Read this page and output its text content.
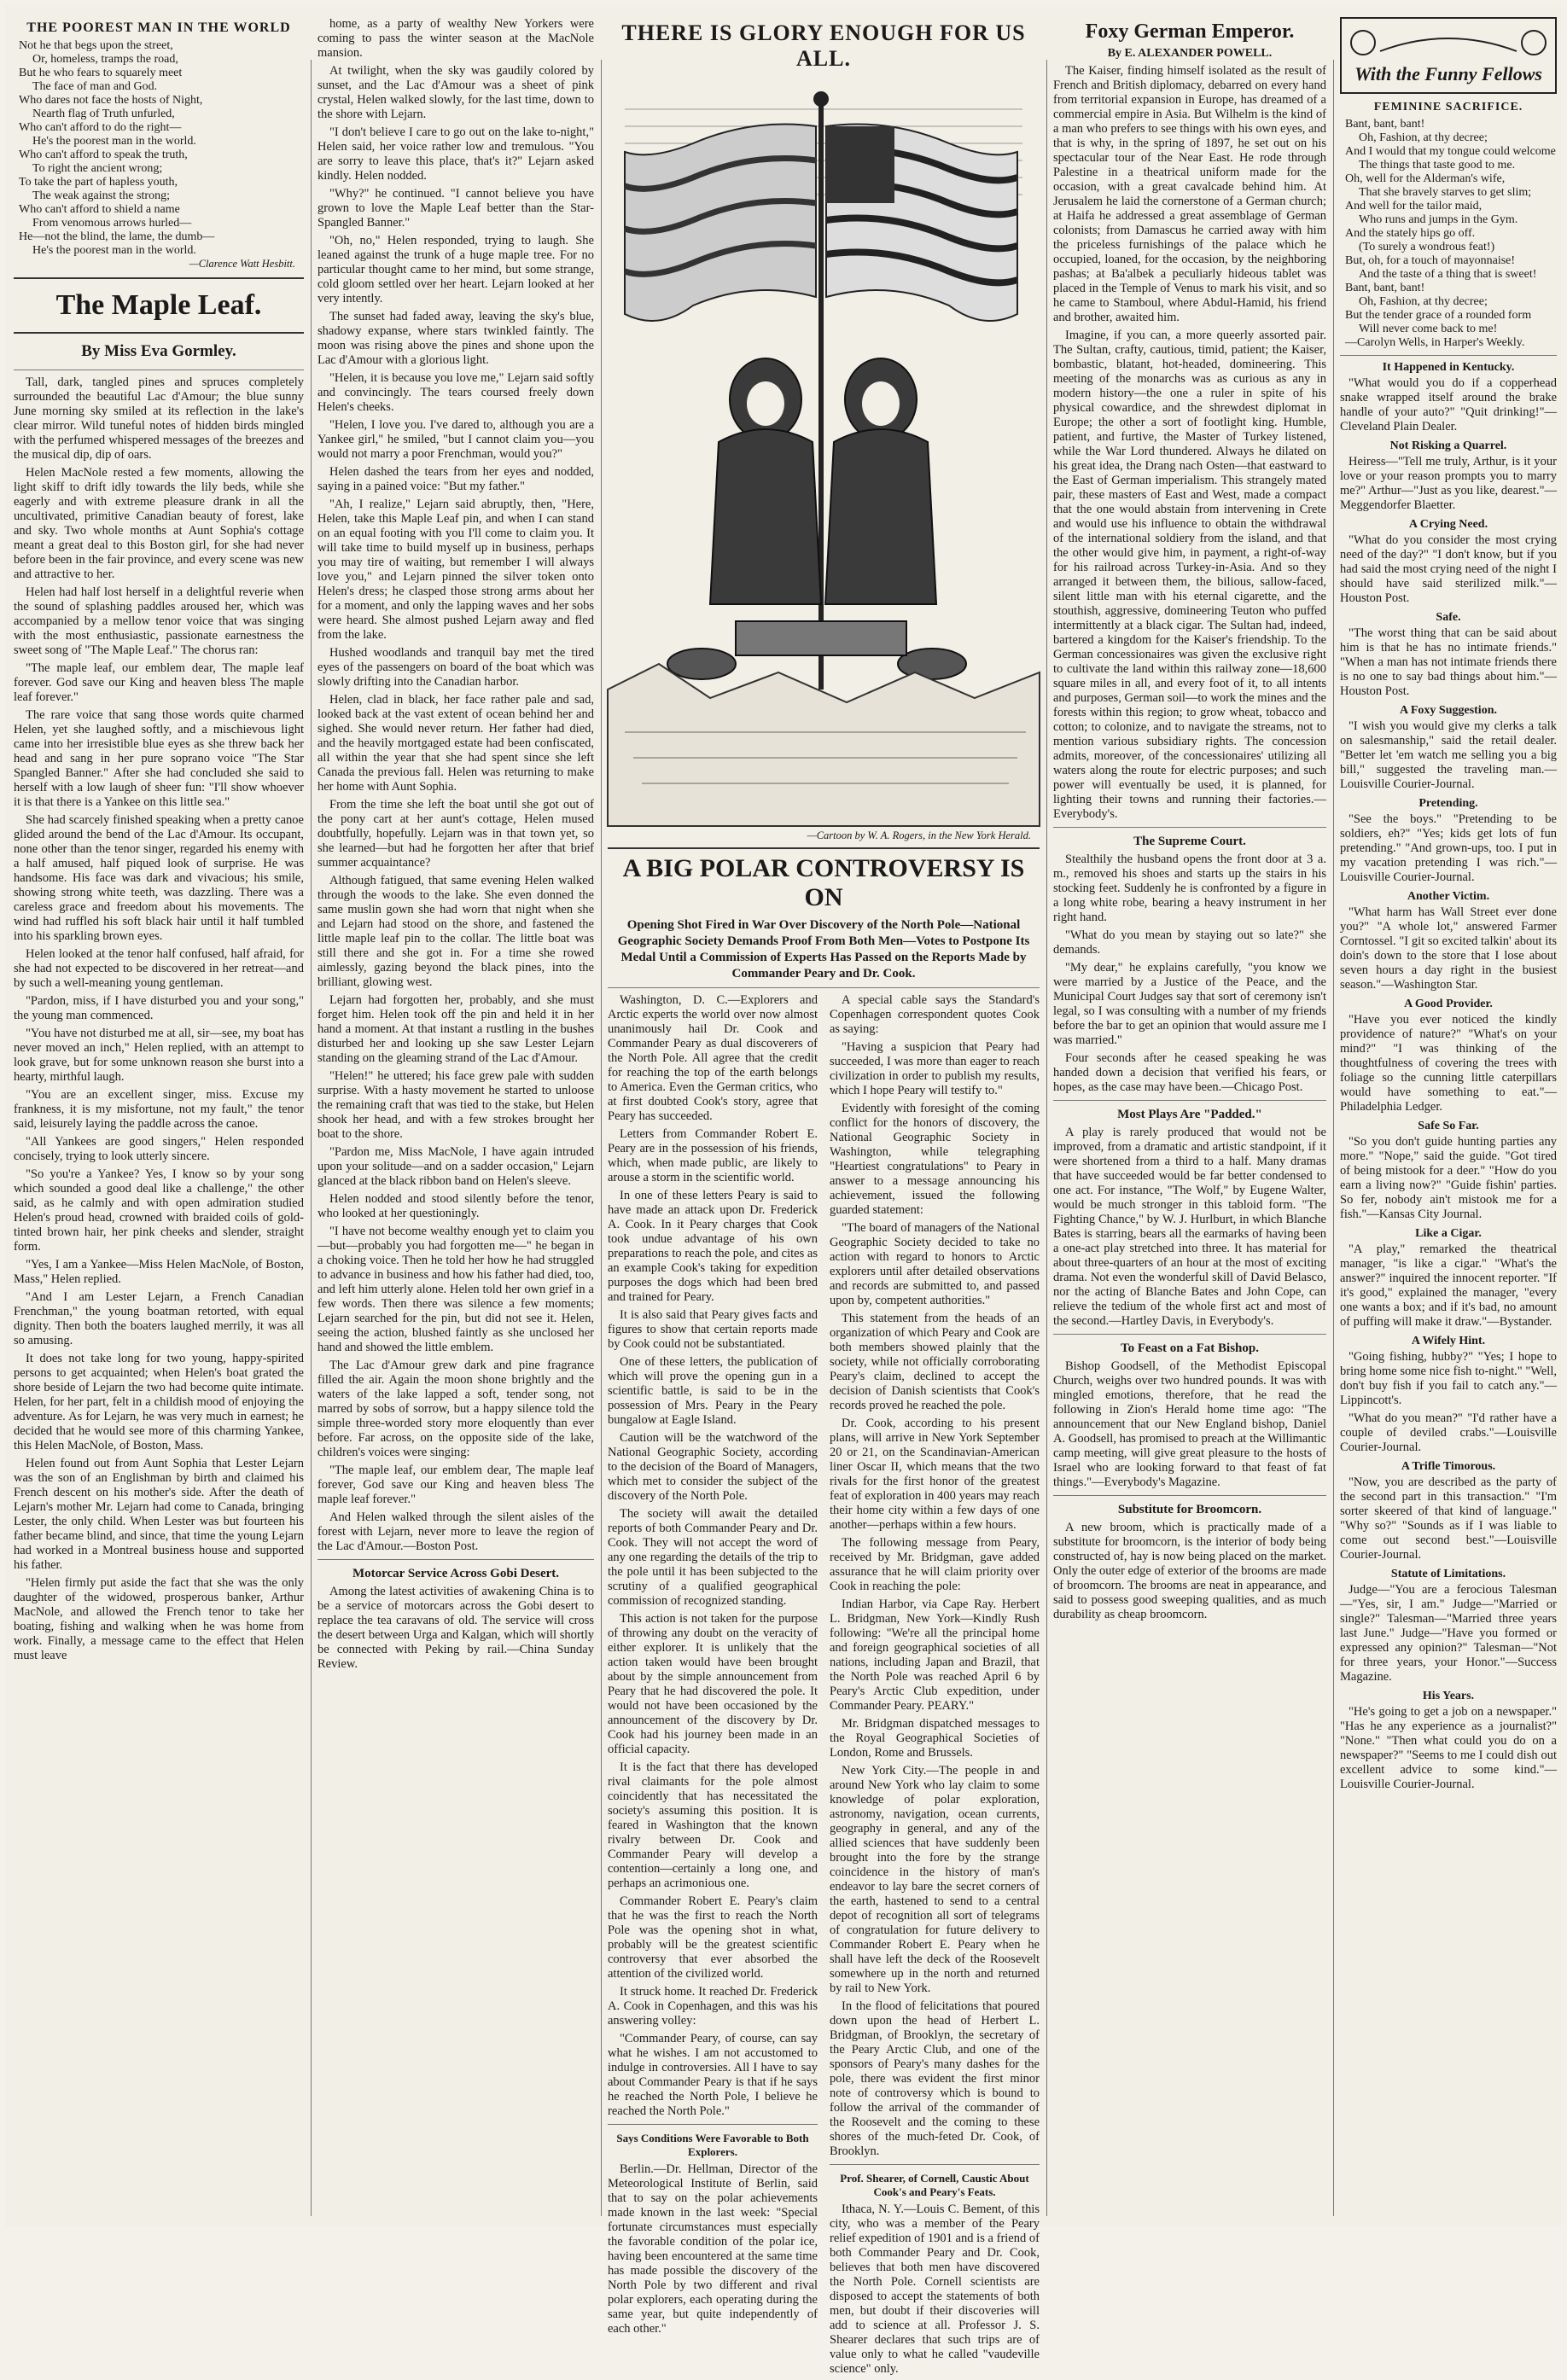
THE POOREST MAN IN THE WORLD
Not he that begs upon the street,
Or, homeless, tramps the road,
But he who fears to squarely meet
The face of man and God.
Who dares not face the hosts of Night,
Nearth flag of Truth unfurled,
Who can't afford to do the right—
He's the poorest man in the world.
Who can't afford to speak the truth,
To right the ancient wrong;
To take the part of hapless youth,
The weak against the strong;
Who can't afford to shield a name
From venomous arrows hurled—
He—not the blind, the lame, the dumb—
He's the poorest man in the world.
—Clarence Watt Hesbitt.
The Maple Leaf.
By Miss Eva Gormley.

Tall, dark, tangled pines and spruces completely surrounded the beautiful Lac d'Amour; the blue sunny June morning sky smiled at its reflection in the lake's clear mirror. Wild tuneful notes of hidden birds mingled with the perfumed whispered messages of the breezes and the musical dip, dip of oars.

Helen MacNole rested a few moments, allowing the light skiff to drift idly towards the lily beds, while she eagerly and with extreme pleasure drank in all the uncultivated, primitive Canadian beauty of forest, lake and sky. Two whole months at Aunt Sophia's cottage meant a great deal to this Boston girl, for she had never before been in the fair province, and every scene was new and attractive to her.

Helen had half lost herself in a delightful reverie when the sound of splashing paddles aroused her, which was accompanied by a mellow tenor voice that was singing with the most enthusiastic, passionate earnestness the sweet song of "The Maple Leaf." The chorus ran:

"The maple leaf, our emblem dear, The maple leaf forever. God save our King and heaven bless The maple leaf forever."

The rare voice that sang those words quite charmed Helen, yet she laughed softly, and a mischievous light came into her irresistible blue eyes as she threw back her head and sang in her pure soprano voice "The Star Spangled Banner." After she had concluded she said to herself with a low laugh of sheer fun: "I'll show whoever it is that there is a Yankee on this little sea."

She had scarcely finished speaking when a pretty canoe glided around the bend of the Lac d'Amour. Its occupant, none other than the tenor singer, regarded his enemy with a half amused, half piqued look of surprise. He was handsome. His face was dark and vivacious; his smile, showing strong white teeth, was dazzling. There was a careless grace and freedom about his movements. The wind had ruffled his soft black hair until it half tumbled into his sparkling brown eyes.

Helen looked at the tenor half confused, half afraid, for she had not expected to be discovered in her retreat—and by such a well-meaning young gentleman.

"Pardon, miss, if I have disturbed you and your song," the young man commenced.

"You have not disturbed me at all, sir—see, my boat has never moved an inch," Helen replied, with an attempt to look grave, but for some unknown reason she burst into a hearty, mirthful laugh.

"You are an excellent singer, miss. Excuse my frankness, it is my misfortune, not my fault," the tenor said, leisurely laying the paddle across the canoe.

"All Yankees are good singers," Helen responded concisely, trying to look utterly sincere.

"So you're a Yankee? Yes, I know so by your song which sounded a good deal like a challenge," the other said, as he calmly and with open admiration studied Helen's proud head, crowned with braided coils of gold-tinted brown hair, her pink cheeks and slender, straight form.

"Yes, I am a Yankee—Miss Helen MacNole, of Boston, Mass," Helen replied.

"And I am Lester Lejarn, a French Canadian Frenchman," the young boatman retorted, with equal dignity. Then both the boaters laughed merrily, it was all so amusing.

It does not take long for two young, happy-spirited persons to get acquainted; when Helen's boat grated the shore beside of Lejarn the two had become quite intimate. Helen, for her part, felt in a childish mood of enjoying the adventure. As for Lejarn, he was very much in earnest; he decided that he would see more of this charming Yankee, this Helen MacNole, of Boston, Mass.

Helen found out from Aunt Sophia that Lester Lejarn was the son of an Englishman by birth and claimed his French descent on his mother's side. After the death of Lejarn's mother Mr. Lejarn had come to Canada, bringing Lester, the only child. When Lester was but fourteen his father became blind, and since, that time the young Lejarn had worked in a Montreal business house and supported his father.

"Helen firmly put aside the fact that she was the only daughter of the widowed, prosperous banker, Arthur MacNole, and allowed the French tenor to take her boating, fishing and walking when he was home from work. Finally, a message came to the effect that Helen must leave

home, as a party of wealthy New Yorkers were coming to pass the winter season at the MacNole mansion.

At twilight, when the sky was gaudily colored by sunset, and the Lac d'Amour was a sheet of pink crystal, Helen walked slowly, for the last time, down to the shore with Lejarn.

"I don't believe I care to go out on the lake to-night," Helen said, her voice rather low and tremulous. "You are sorry to leave this place, that's it?" Lejarn asked kindly. Helen nodded.

"Why?" he continued. "I cannot believe you have grown to love the Maple Leaf better than the Star-Spangled Banner."

"Oh, no," Helen responded, trying to laugh. She leaned against the trunk of a huge maple tree. For no particular thought came to her mind, but some strange, cold gloom settled over her heart. Lejarn looked at her very intently.

The sunset had faded away, leaving the sky's blue, shadowy expanse, where stars twinkled faintly. The moon was rising above the pines and shone upon the Lac d'Amour with a glorious light.

"Helen, it is because you love me," Lejarn said softly and convincingly. The tears coursed freely down Helen's cheeks.

"Helen, I love you. I've dared to, although you are a Yankee girl," he smiled, "but I cannot claim you—you would not marry a poor Frenchman, would you?"

Helen dashed the tears from her eyes and nodded, saying in a pained voice: "But my father."

"Ah, I realize," Lejarn said abruptly, then, "Here, Helen, take this Maple Leaf pin, and when I can stand on an equal footing with you I'll come to claim you. It will take time to build myself up in business, perhaps you may tire of waiting, but remember I will always love you," and Lejarn pinned the silver token onto Helen's dress; he clasped those strong arms about her for a moment, and only the lapping waves and her sobs were heard. She almost pushed Lejarn away and fled from the lake.

Hushed woodlands and tranquil bay met the tired eyes of the passengers on board of the boat which was slowly drifting into the Canadian harbor.

Helen, clad in black, her face rather pale and sad, looked back at the vast extent of ocean behind her and sighed. She would never return. Her father had died, and the heavily mortgaged estate had been confiscated, all within the year that she had spent since she left Canada the previous fall. Helen was returning to make her home with Aunt Sophia.

From the time she left the boat until she got out of the pony cart at her aunt's cottage, Helen mused doubtfully, hopefully. Lejarn was in that town yet, so she learned—but had he forgotten her after that brief summer acquaintance?

Although fatigued, that same evening Helen walked through the woods to the lake. She even donned the same muslin gown she had worn that night when she and Lejarn had stood on the shore, and fastened the little maple leaf pin to the collar. The little boat was still there and she got in. For a time she rowed aimlessly, gazing beyond the black pines, into the brilliant, glowing west.

Lejarn had forgotten her, probably, and she must forget him. Helen took off the pin and held it in her hand a moment. At that instant a rustling in the bushes disturbed her and looking up she saw Lester Lejarn standing on the gleaming strand of the Lac d'Amour.

"Helen!" he uttered; his face grew pale with sudden surprise. With a hasty movement he started to unloose the remaining craft that was tied to the stake, but Helen shook her head, and with a few strokes brought her boat to the shore.

"Pardon me, Miss MacNole, I have again intruded upon your solitude—and on a sadder occasion," Lejarn glanced at the black ribbon band on Helen's sleeve.

Helen nodded and stood silently before the tenor, who looked at her questioningly.

"I have not become wealthy enough yet to claim you—but—probably you had forgotten me—" he began in a choking voice. Then he told her how he had struggled to advance in business and how his father had died, too, and left him utterly alone. Helen told her own grief in a few words. Then there was silence a few moments; Lejarn searched for the pin, but did not see it. Helen, seeing the action, blushed faintly as she unclosed her hand and showed the little emblem.

The Lac d'Amour grew dark and pine fragrance filled the air. Again the moon shone brightly and the waters of the lake lapped a soft, tender song, not marred by sobs of sorrow, but a happy silence told the simple three-worded story more eloquently than ever before. Far across, on the opposite side of the lake, children's voices were singing:

"The maple leaf, our emblem dear, The maple leaf forever, God save our King and heaven bless The maple leaf forever."

And Helen walked through the silent aisles of the forest with Lejarn, never more to leave the region of the Lac d'Amour.—Boston Post.

Motorcar Service Across Gobi Desert.

Among the latest activities of awakening China is to be a service of motorcars across the Gobi desert to replace the tea caravans of old. The service will cross the desert between Urga and Kalgan, which will shortly be connected with Peking by rail.—China Sunday Review.

THERE IS GLORY ENOUGH FOR US ALL.
—Cartoon by W. A. Rogers, in the New York Herald.
A BIG POLAR CONTROVERSY IS ON
Opening Shot Fired in War Over Discovery of the North Pole—National Geographic Society Demands Proof From Both Men—Votes to Postpone Its Medal Until a Commission of Experts Has Passed on the Reports Made by Commander Peary and Dr. Cook.

Washington, D. C.—Explorers and Arctic experts the world over now almost unanimously hail Dr. Cook and Commander Peary as dual discoverers of the North Pole. All agree that the credit for reaching the top of the earth belongs to America. Even the German critics, who at first doubted Cook's story, agree that Peary has succeeded.

Letters from Commander Robert E. Peary are in the possession of his friends, which, when made public, are likely to arouse a storm in the scientific world.

In one of these letters Peary is said to have made an attack upon Dr. Frederick A. Cook. In it Peary charges that Cook took undue advantage of his own preparations to reach the pole, and cites as an example Cook's taking for expedition purposes the dogs which had been bred and trained for Peary.

It is also said that Peary gives facts and figures to show that certain reports made by Cook could not be substantiated.

One of these letters, the publication of which will prove the opening gun in a scientific battle, is said to be in the possession of Mrs. Peary in the Peary bungalow at Eagle Island.

Caution will be the watchword of the National Geographic Society, according to the decision of the Board of Managers, which met to consider the subject of the discovery of the North Pole.

The society will await the detailed reports of both Commander Peary and Dr. Cook. They will not accept the word of any one regarding the details of the trip to the pole until it has been subjected to the scrutiny of a qualified geographical commission of recognized standing.

This action is not taken for the purpose of throwing any doubt on the veracity of either explorer. It is unlikely that the action taken would have been brought about by the simple announcement from Peary that he had discovered the pole. It would not have been occasioned by the announcement of the discovery by Dr. Cook had his journey been made in an official capacity.

It is the fact that there has developed rival claimants for the pole almost coincidently that has necessitated the society's assuming this position. It is feared in Washington that the known rivalry between Dr. Cook and Commander Peary will develop a contention—certainly a long one, and perhaps an acrimonious one.

Commander Robert E. Peary's claim that he was the first to reach the North Pole was the opening shot in what, probably will be the greatest scientific controversy that ever absorbed the attention of the civilized world.

It struck home. It reached Dr. Frederick A. Cook in Copenhagen, and this was his answering volley:

"Commander Peary, of course, can say what he wishes. I am not accustomed to indulge in controversies. All I have to say about Commander Peary is that if he says he reached the North Pole, I believe he reached the North Pole."

Says Conditions Were Favorable to Both Explorers.

Berlin.—Dr. Hellman, Director of the Meteorological Institute of Berlin, said that to say on the polar achievements made known in the last week: "Special fortunate circumstances must especially the favorable condition of the polar ice, having been encountered at the same time has made possible the discovery of the North Pole by two different and rival polar explorers, each operating during the same year, but quite independently of each other."

A special cable says the Standard's Copenhagen correspondent quotes Cook as saying:

"Having a suspicion that Peary had succeeded, I was more than eager to reach civilization in order to publish my results, which I hope Peary will testify to."

Evidently with foresight of the coming conflict for the honors of discovery, the National Geographic Society in Washington, while telegraphing "Heartiest congratulations" to Peary in answer to a message announcing his achievement, issued the following guarded statement:

"The board of managers of the National Geographic Society decided to take no action with regard to honors to Arctic explorers until after detailed observations and records are submitted to, and passed upon by, competent authorities."

This statement from the heads of an organization of which Peary and Cook are both members showed plainly that the society, while not officially corroborating Peary's claim, declined to accept the decision of Danish scientists that Cook's records proved he reached the pole.

Dr. Cook, according to his present plans, will arrive in New York September 20 or 21, on the Scandinavian-American liner Oscar II, which means that the two rivals for the first honor of the greatest feat of exploration in 400 years may reach their home city within a few days of one another—perhaps within a few hours.

The following message from Peary, received by Mr. Bridgman, gave added assurance that he will claim priority over Cook in reaching the pole:

Indian Harbor, via Cape Ray. Herbert L. Bridgman, New York—Kindly Rush following: "We're all the principal home and foreign geographical societies of all nations, including Japan and Brazil, that the North Pole was reached April 6 by Peary's Arctic Club expedition, under Commander Peary. PEARY."

Mr. Bridgman dispatched messages to the Royal Geographical Societies of London, Rome and Brussels.

New York City.—The people in and around New York who lay claim to some knowledge of polar exploration, astronomy, navigation, ocean currents, geography in general, and any of the allied sciences that have suddenly been brought into the fore by the strange coincidence in the history of man's endeavor to lay bare the secret corners of the earth, hastened to send to a central depot of recognition all sort of telegrams of congratulation for future delivery to Commander Robert E. Peary when he shall have left the deck of the Roosevelt somewhere up in the north and returned by rail to New York.

In the flood of felicitations that poured down upon the head of Herbert L. Bridgman, of Brooklyn, the secretary of the Peary Arctic Club, and one of the sponsors of Peary's many dashes for the pole, there was evident the first minor note of controversy which is bound to follow the arrival of the commander of the Roosevelt and the coming to these shores of the much-feted Dr. Cook, of Brooklyn.

Prof. Shearer, of Cornell, Caustic About Cook's and Peary's Feats.

Ithaca, N. Y.—Louis C. Bement, of this city, who was a member of the Peary relief expedition of 1901 and is a friend of both Commander Peary and Dr. Cook, believes that both men have discovered the North Pole. Cornell scientists are disposed to accept the statements of both men, but doubt if their discoveries will add to science at all. Professor J. S. Shearer declares that such trips are of value only to what he called "vaudeville science" only.

Foxy German Emperor.
By E. ALEXANDER POWELL.

The Kaiser, finding himself isolated as the result of French and British diplomacy, debarred on every hand from territorial expansion in Europe, has dreamed of a commercial empire in Asia. But Wilhelm is the kind of a man who prefers to see things with his own eyes, and that is why, in the spring of 1897, he set out on his spectacular tour of the Near East. He rode through Palestine in a theatrical uniform made for the occasion, with a great cavalcade behind him. At Jerusalem he laid the cornerstone of a German church; at Haifa he addressed a great assemblage of German colonists; from Damascus he carried away with him the priceless furnishings of the palace which he occupied, loaned, for the occasion, by the neighboring pashas; at Ba'albek a peculiarly hideous tablet was placed in the Temple of Venus to mark his visit, and so he came to Stamboul, where Abdul-Hamid, his friend and brother, awaited him.

Imagine, if you can, a more queerly assorted pair. The Sultan, crafty, cautious, timid, patient; the Kaiser, bombastic, blatant, hot-headed, domineering. This meeting of the monarchs was as curious as any in modern history—the one a ruler in spite of his physical cowardice, and the shrewdest diplomat in Europe; the other a sort of footlight king. Humble, patient, and furtive, the Master of Turkey listened, while the War Lord thundered. Always he dilated on his great idea, the Drang nach Osten—that eastward to the East of German imperialism. This strangely mated pair, these masters of East and West, made a compact that the one would abstain from intervening in Crete and would use his influence to obtain the withdrawal of the international soldiery from the island, and that the other would give him, in payment, a right-of-way for his railroad across Turkey-in-Asia. And so they arranged it between them, the bilious, sallow-faced, silent little man with his eternal cigarette, and the stouthish, aggressive, domineering Teuton who puffed intermittently at a black cigar. The Sultan had, indeed, bartered a kingdom for the Kaiser's friendship. To the German concessionaires was given the exclusive right to cultivate the land within this railway zone—18,600 square miles in all, and every foot of it, to all intents and purposes, German soil—to work the mines and the forests within this region; to grow wheat, tobacco and cotton; to colonize, and to navigate the streams, not to mention various subsidiary rights. The concession admits, moreover, of the concessionaires' utilizing all waters along the route for electric purposes; and such power will eventually be used, it is planned, for lighting their towns and running their factories.—Everybody's.

The Supreme Court.

Stealthily the husband opens the front door at 3 a. m., removed his shoes and starts up the stairs in his stocking feet. Suddenly he is confronted by a figure in a long white robe, bearing a heavy instrument in her right hand.

"What do you mean by staying out so late?" she demands.

"My dear," he explains carefully, "you know we were married by a Justice of the Peace, and the Municipal Court Judges say that sort of ceremony isn't legal, so I was consulting with a number of my friends before the bar to get an opinion that would assure me I was married."

Four seconds after he ceased speaking he was handed down a decision that verified his fears, or hopes, as the case may have been.—Chicago Post.

Most Plays Are "Padded."

A play is rarely produced that would not be improved, from a dramatic and artistic standpoint, if it were shortened from a third to a half. Many dramas that have succeeded would be far better condensed to one act. For instance, "The Wolf," by Eugene Walter, would be much stronger in this tabloid form. "The Fighting Chance," by W. J. Hurlburt, in which Blanche Bates is starring, bears all the earmarks of having been a one-act play stretched into three. It has material for about three-quarters of an hour at the most of exciting drama. Not even the wonderful skill of David Belasco, nor the acting of Blanche Bates and John Cope, can relieve the tedium of the whole first act and most of the second.—Hartley Davis, in Everybody's.

To Feast on a Fat Bishop.

Bishop Goodsell, of the Methodist Episcopal Church, weighs over two hundred pounds. It was with mingled emotions, therefore, that he read the following in Zion's Herald home time ago: "The announcement that our New England bishop, Daniel A. Goodsell, has promised to preach at the Willimantic camp meeting, will give great pleasure to the hosts of Israel who are looking forward to that feast of fat things."—Everybody's Magazine.

Substitute for Broomcorn.

A new broom, which is practically made of a substitute for broomcorn, is the interior of body being constructed of, hay is now being placed on the market. Only the outer edge of exterior of the brooms are made of broomcorn. The brooms are neat in appearance, and said to possess good sweeping qualities, and as much durability as cheap broomcorn.

With the Funny Fellows
FEMININE SACRIFICE.
Bant, bant, bant!
Oh, Fashion, at thy decree;
And I would that my tongue could welcome
The things that taste good to me.
Oh, well for the Alderman's wife,
That she bravely starves to get slim;
And well for the tailor maid,
Who runs and jumps in the Gym.
And the stately hips go off.
(To surely a wondrous feat!)
But, oh, for a touch of mayonnaise!
And the taste of a thing that is sweet!
Bant, bant, bant!
Oh, Fashion, at thy decree;
But the tender grace of a rounded form
Will never come back to me!
—Carolyn Wells, in Harper's Weekly.
It Happened in Kentucky.

"What would you do if a copperhead snake wrapped itself around the brake handle of your auto?" "Quit drinking!"—Cleveland Plain Dealer.

Not Risking a Quarrel.

Heiress—"Tell me truly, Arthur, is it your love or your reason prompts you to marry me?" Arthur—"Just as you like, dearest."—Meggendorfer Blaetter.

A Crying Need.

"What do you consider the most crying need of the day?" "I don't know, but if you had said the most crying need of the night I should have said sterilized milk."—Houston Post.

Safe.

"The worst thing that can be said about him is that he has no intimate friends." "When a man has not intimate friends there is no one to say bad things about him."—Houston Post.

A Foxy Suggestion.

"I wish you would give my clerks a talk on salesmanship," said the retail dealer. "Better let 'em watch me selling you a big bill," suggested the traveling man.—Louisville Courier-Journal.

Pretending.

"See the boys." "Pretending to be soldiers, eh?" "Yes; kids get lots of fun pretending." "And grown-ups, too. I put in my vacation pretending I was rich."—Louisville Courier-Journal.

Another Victim.

"What harm has Wall Street ever done you?" "A whole lot," answered Farmer Corntossel. "I git so excited talkin' about its doin's down to the store that I lose about seven hours a day right in the busiest season."—Washington Star.

A Good Provider.

"Have you ever noticed the kindly providence of nature?" "What's on your mind?" "I was thinking of the thoughtfulness of covering the trees with foliage so the cunning little caterpillars would have something to eat."—Philadelphia Ledger.

Safe So Far.

"So you don't guide hunting parties any more." "Nope," said the guide. "Got tired of being mistook for a deer." "How do you earn a living now?" "Guide fishin' parties. So fer, nobody ain't mistook me for a fish."—Kansas City Journal.

Like a Cigar.

"A play," remarked the theatrical manager, "is like a cigar." "What's the answer?" inquired the innocent reporter. "If it's good," explained the manager, "every one wants a box; and if it's bad, no amount of puffing will make it draw."—Bystander.

A Wifely Hint.

"Going fishing, hubby?" "Yes; I hope to bring home some nice fish to-night." "Well, don't buy fish if you fail to catch any."—Lippincott's.

"What do you mean?" "I'd rather have a couple of deviled crabs."—Louisville Courier-Journal.

A Trifle Timorous.

"Now, you are described as the party of the second part in this transaction." "I'm sorter skeered of that kind of language." "Why so?" "Sounds as if I was liable to come out second best."—Louisville Courier-Journal.

Statute of Limitations.

Judge—"You are a ferocious Talesman—"Yes, sir, I am." Judge—"Married or single?" Talesman—"Married three years last June." Judge—"Have you formed or expressed any opinion?" Talesman—"Not for three years, your Honor."—Success Magazine.

His Years.

"He's going to get a job on a newspaper." "Has he any experience as a journalist?" "None." "Then what could you do on a newspaper?" "Seems to me I could dish out excellent advice to some kind."—Louisville Courier-Journal.
